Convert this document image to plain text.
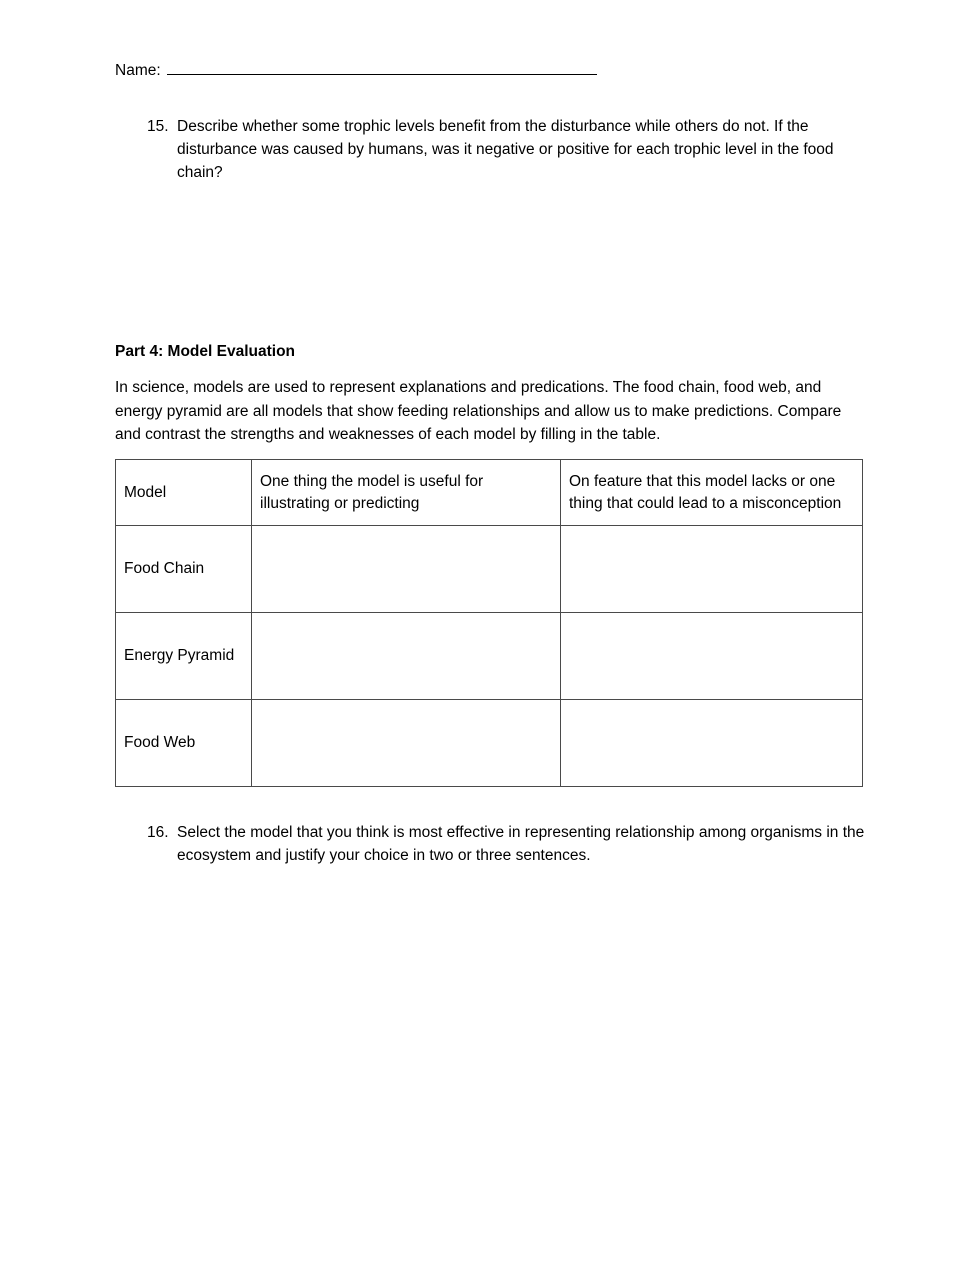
Name:
15. Describe whether some trophic levels benefit from the disturbance while others do not. If the disturbance was caused by humans, was it negative or positive for each trophic level in the food chain?
Part 4: Model Evaluation
In science, models are used to represent explanations and predications. The food chain, food web, and energy pyramid are all models that show feeding relationships and allow us to make predictions. Compare and contrast the strengths and weaknesses of each model by filling in the table.
Model	One thing the model is useful for illustrating or predicting	On feature that this model lacks or one thing that could lead to a misconception
Food Chain		
Energy Pyramid		
Food Web		
16. Select the model that you think is most effective in representing relationship among organisms in the ecosystem and justify your choice in two or three sentences.
